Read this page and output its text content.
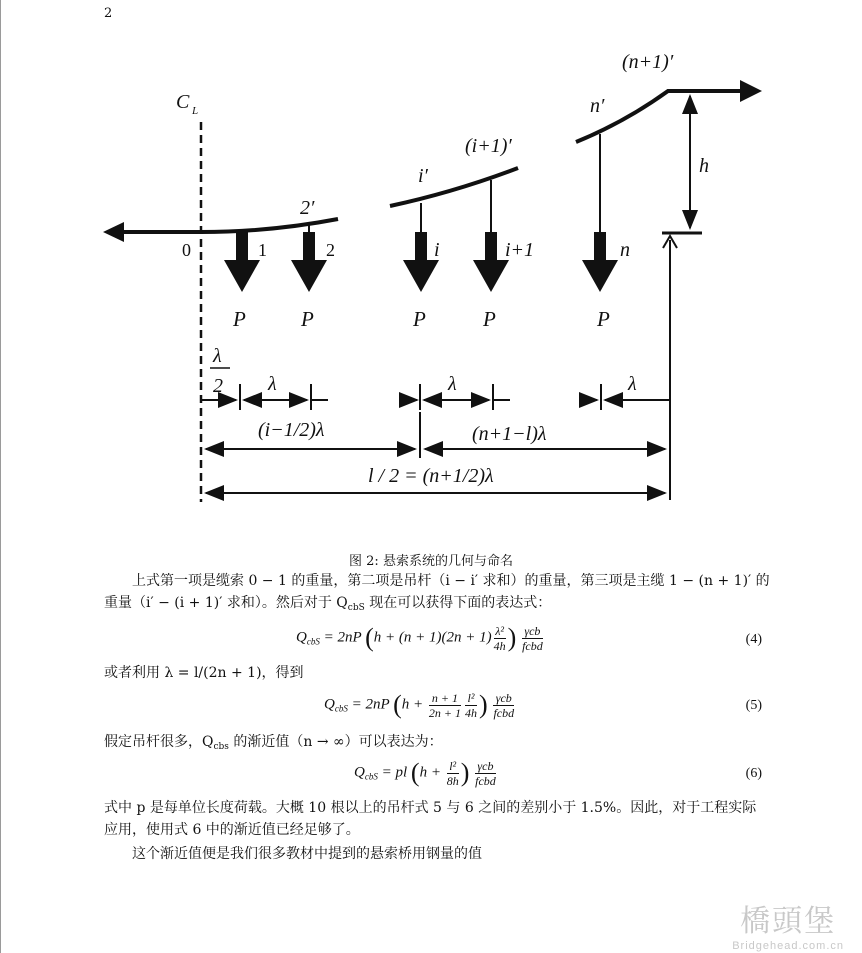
2
C L
2′
i′
(i+1)′
n′
(n+1)′
0	1	2	i	i+1	n
P	P	P	P	P
h
λ
2 λ	λ	λ
(i−1/2)λ	(n+1−l)λ
l / 2 = (n+1/2)λ
图 2: 悬索系统的几何与命名
上式第一项是缆索 0 − 1 的重量，第二项是吊杆（i − i′ 求和）的重量，第三项是主缆 1 − (n + 1)′ 的
重量（i′ − (i + 1)′ 求和）。然后对于 $Q_{cbS}$ 现在可以获得下面的表达式：
$Q_{cbS} = 2nP$ ($h + (n + 1)(2n + 1) \frac{\text{λ²}}{4h}$ ) $\frac{\text{γcb}}{\text{fcbd}}$	(4)
或者利用 λ = l/(2n + 1)，得到
$Q_{cbS} = 2nP$ ($h + \frac{n + 1}{2n + 1} \frac{\text{l²}}{4h}$ ) $\frac{\text{γcb}}{\text{fcbd}}$	(5)
假定吊杆很多，$Q_{cbs}$ 的渐近值（n → ∞）可以表达为：
$Q_{cbS}$ = pl ($h + \frac{\text{l²}}{8h}$ ) $\frac{\text{γcb}}{\text{fcbd}}$	(6)
式中 p 是每单位长度荷载。大概 10 根以上的吊杆式 5 与 6 之间的差别小于 1.5%。因此，对于工程实际
应用，使用式 6 中的渐近值已经足够了。
这个渐近值便是我们很多教材中提到的悬索桥用钢量的值
橋頭堡
Bridgehead.com.cn
